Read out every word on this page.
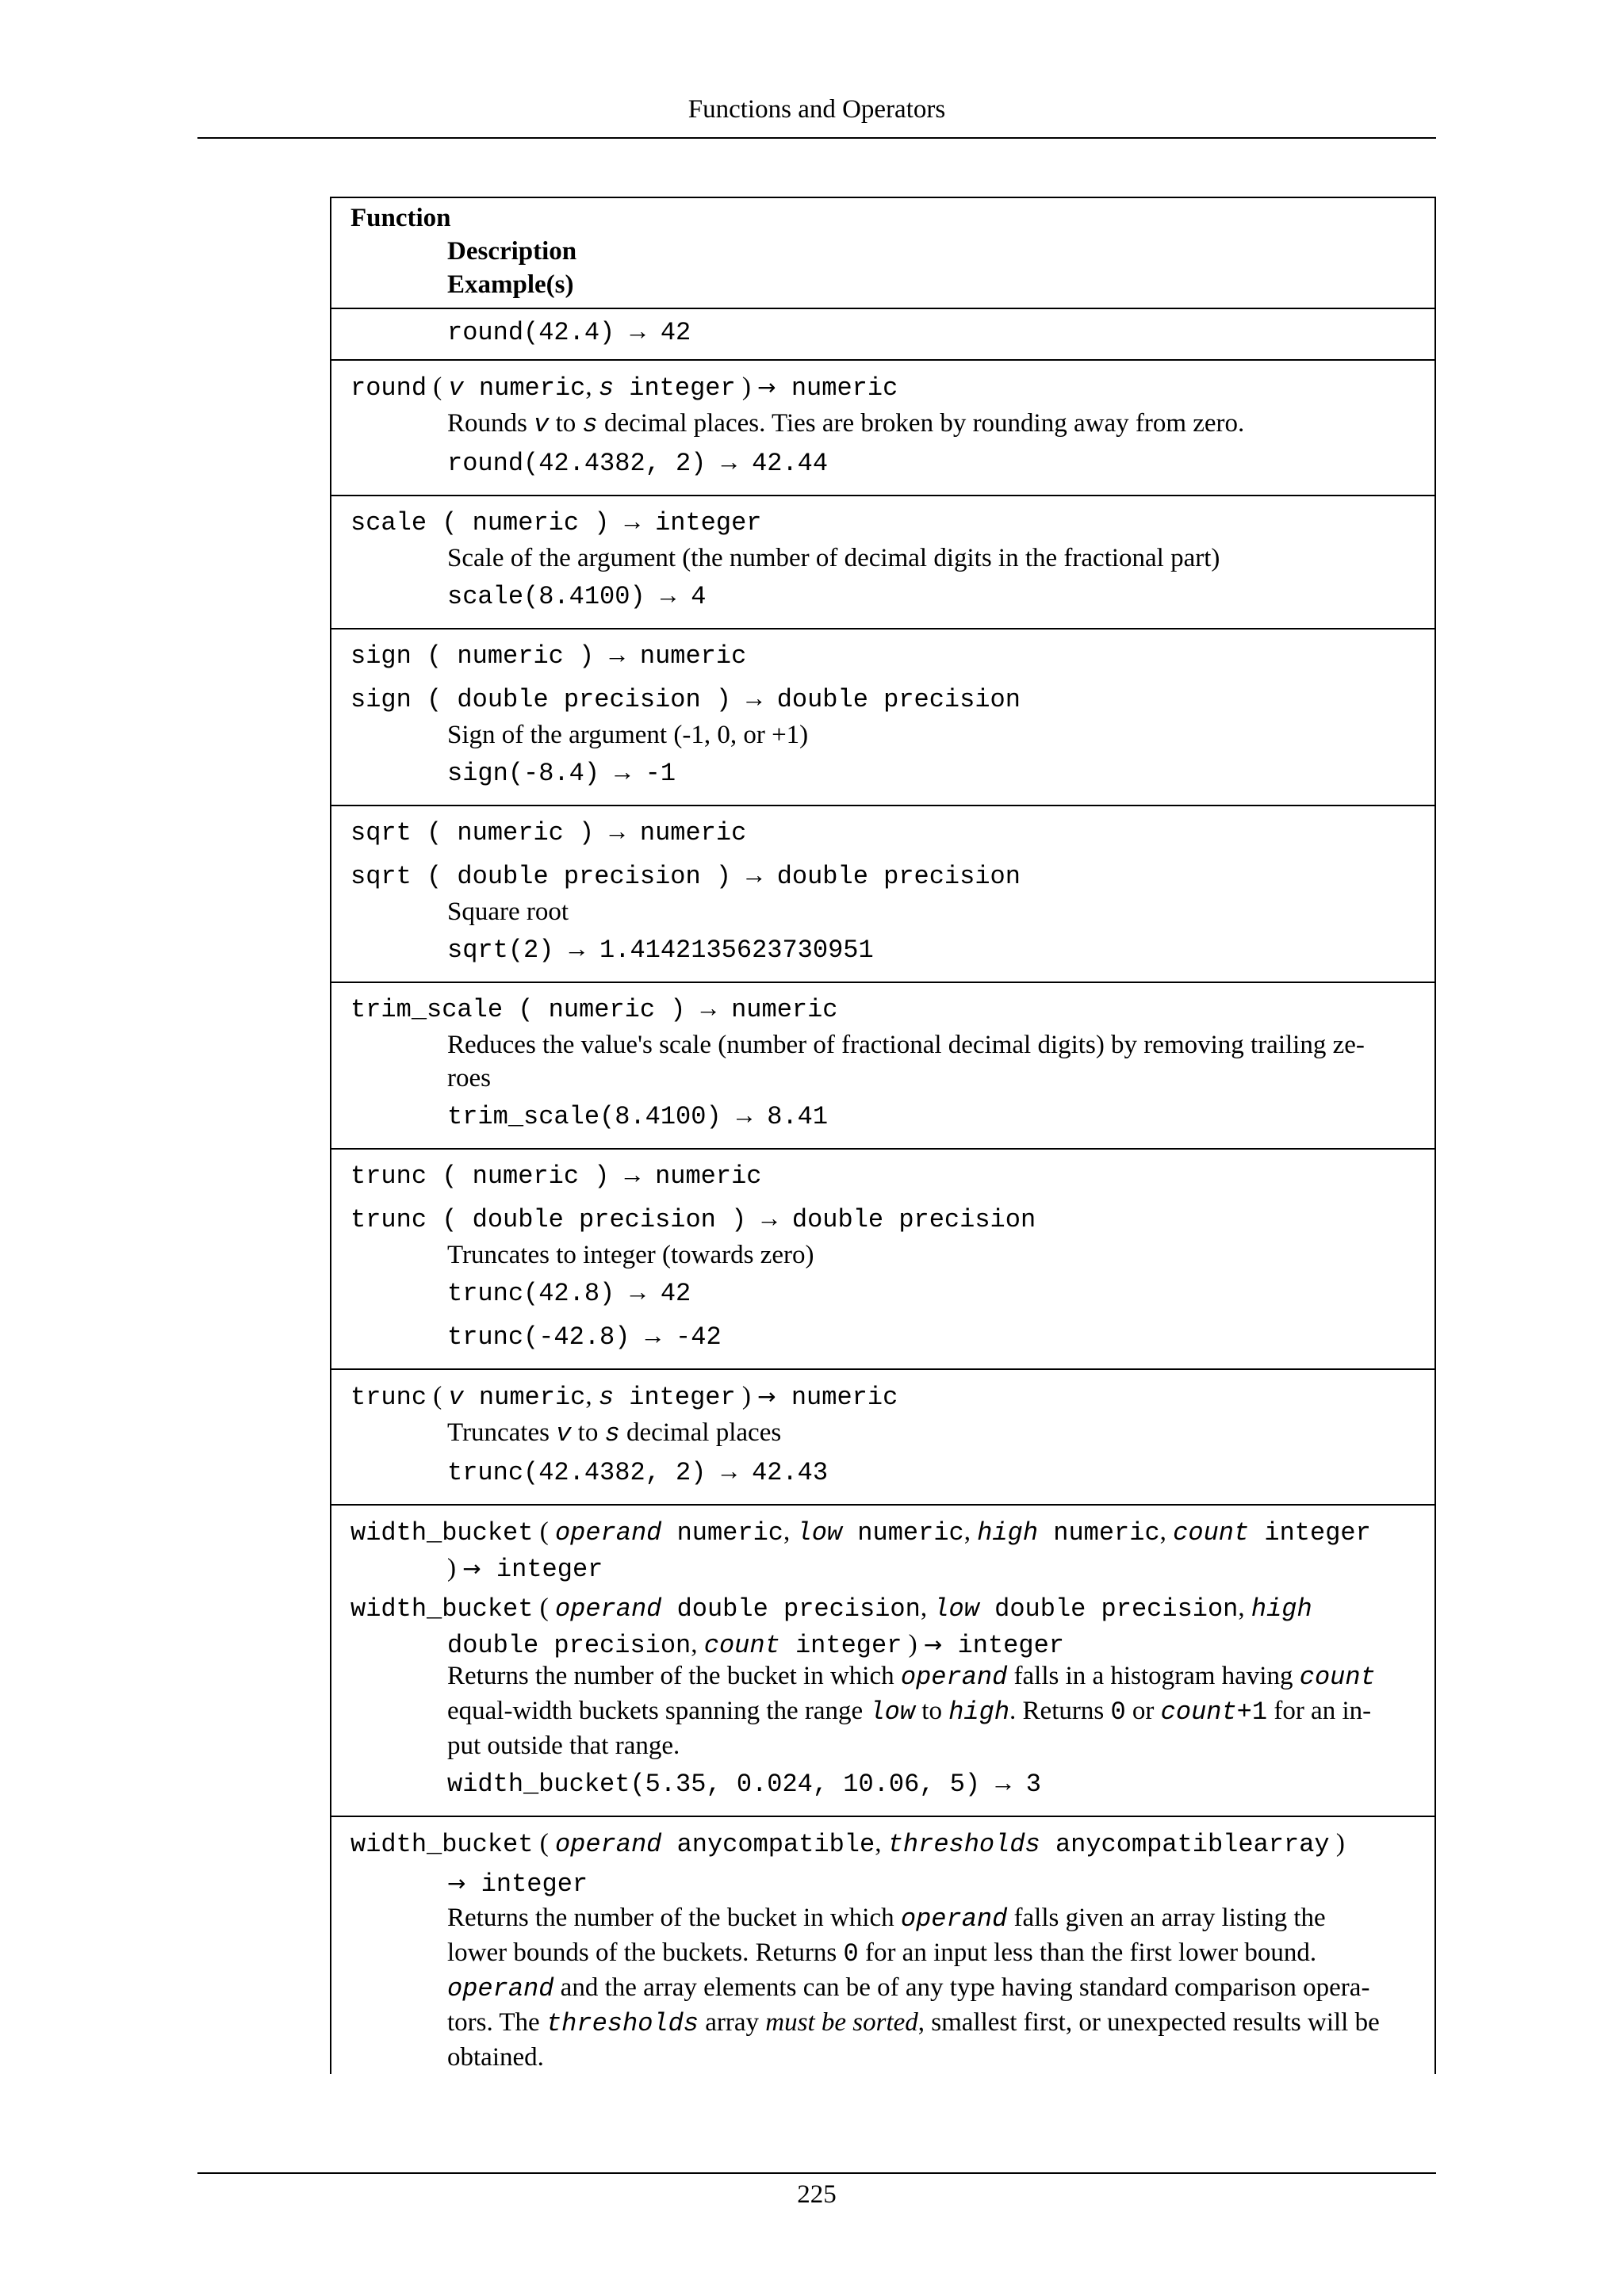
Functions and Operators
Function
Description
Example(s)
round(42.4) → 42
round ( v numeric, s integer ) → numeric
Rounds v to s decimal places. Ties are broken by rounding away from zero.
round(42.4382, 2) → 42.44
scale ( numeric ) → integer
Scale of the argument (the number of decimal digits in the fractional part)
scale(8.4100) → 4
sign ( numeric ) → numeric
sign ( double precision ) → double precision
Sign of the argument (-1, 0, or +1)
sign(-8.4) → -1
sqrt ( numeric ) → numeric
sqrt ( double precision ) → double precision
Square root
sqrt(2) → 1.4142135623730951
trim_scale ( numeric ) → numeric
Reduces the value's scale (number of fractional decimal digits) by removing trailing ze-
roes
trim_scale(8.4100) → 8.41
trunc ( numeric ) → numeric
trunc ( double precision ) → double precision
Truncates to integer (towards zero)
trunc(42.8) → 42
trunc(-42.8) → -42
trunc ( v numeric, s integer ) → numeric
Truncates v to s decimal places
trunc(42.4382, 2) → 42.43
width_bucket ( operand numeric, low numeric, high numeric, count integer
) → integer
width_bucket ( operand double precision, low double precision, high
double precision, count integer ) → integer
Returns the number of the bucket in which operand falls in a histogram having count
equal-width buckets spanning the range low to high. Returns 0 or count+1 for an in-
put outside that range.
width_bucket(5.35, 0.024, 10.06, 5) → 3
width_bucket ( operand anycompatible, thresholds anycompatiblearray )
→ integer
Returns the number of the bucket in which operand falls given an array listing the
lower bounds of the buckets. Returns 0 for an input less than the first lower bound.
operand and the array elements can be of any type having standard comparison opera-
tors. The thresholds array must be sorted, smallest first, or unexpected results will be
obtained.
225
